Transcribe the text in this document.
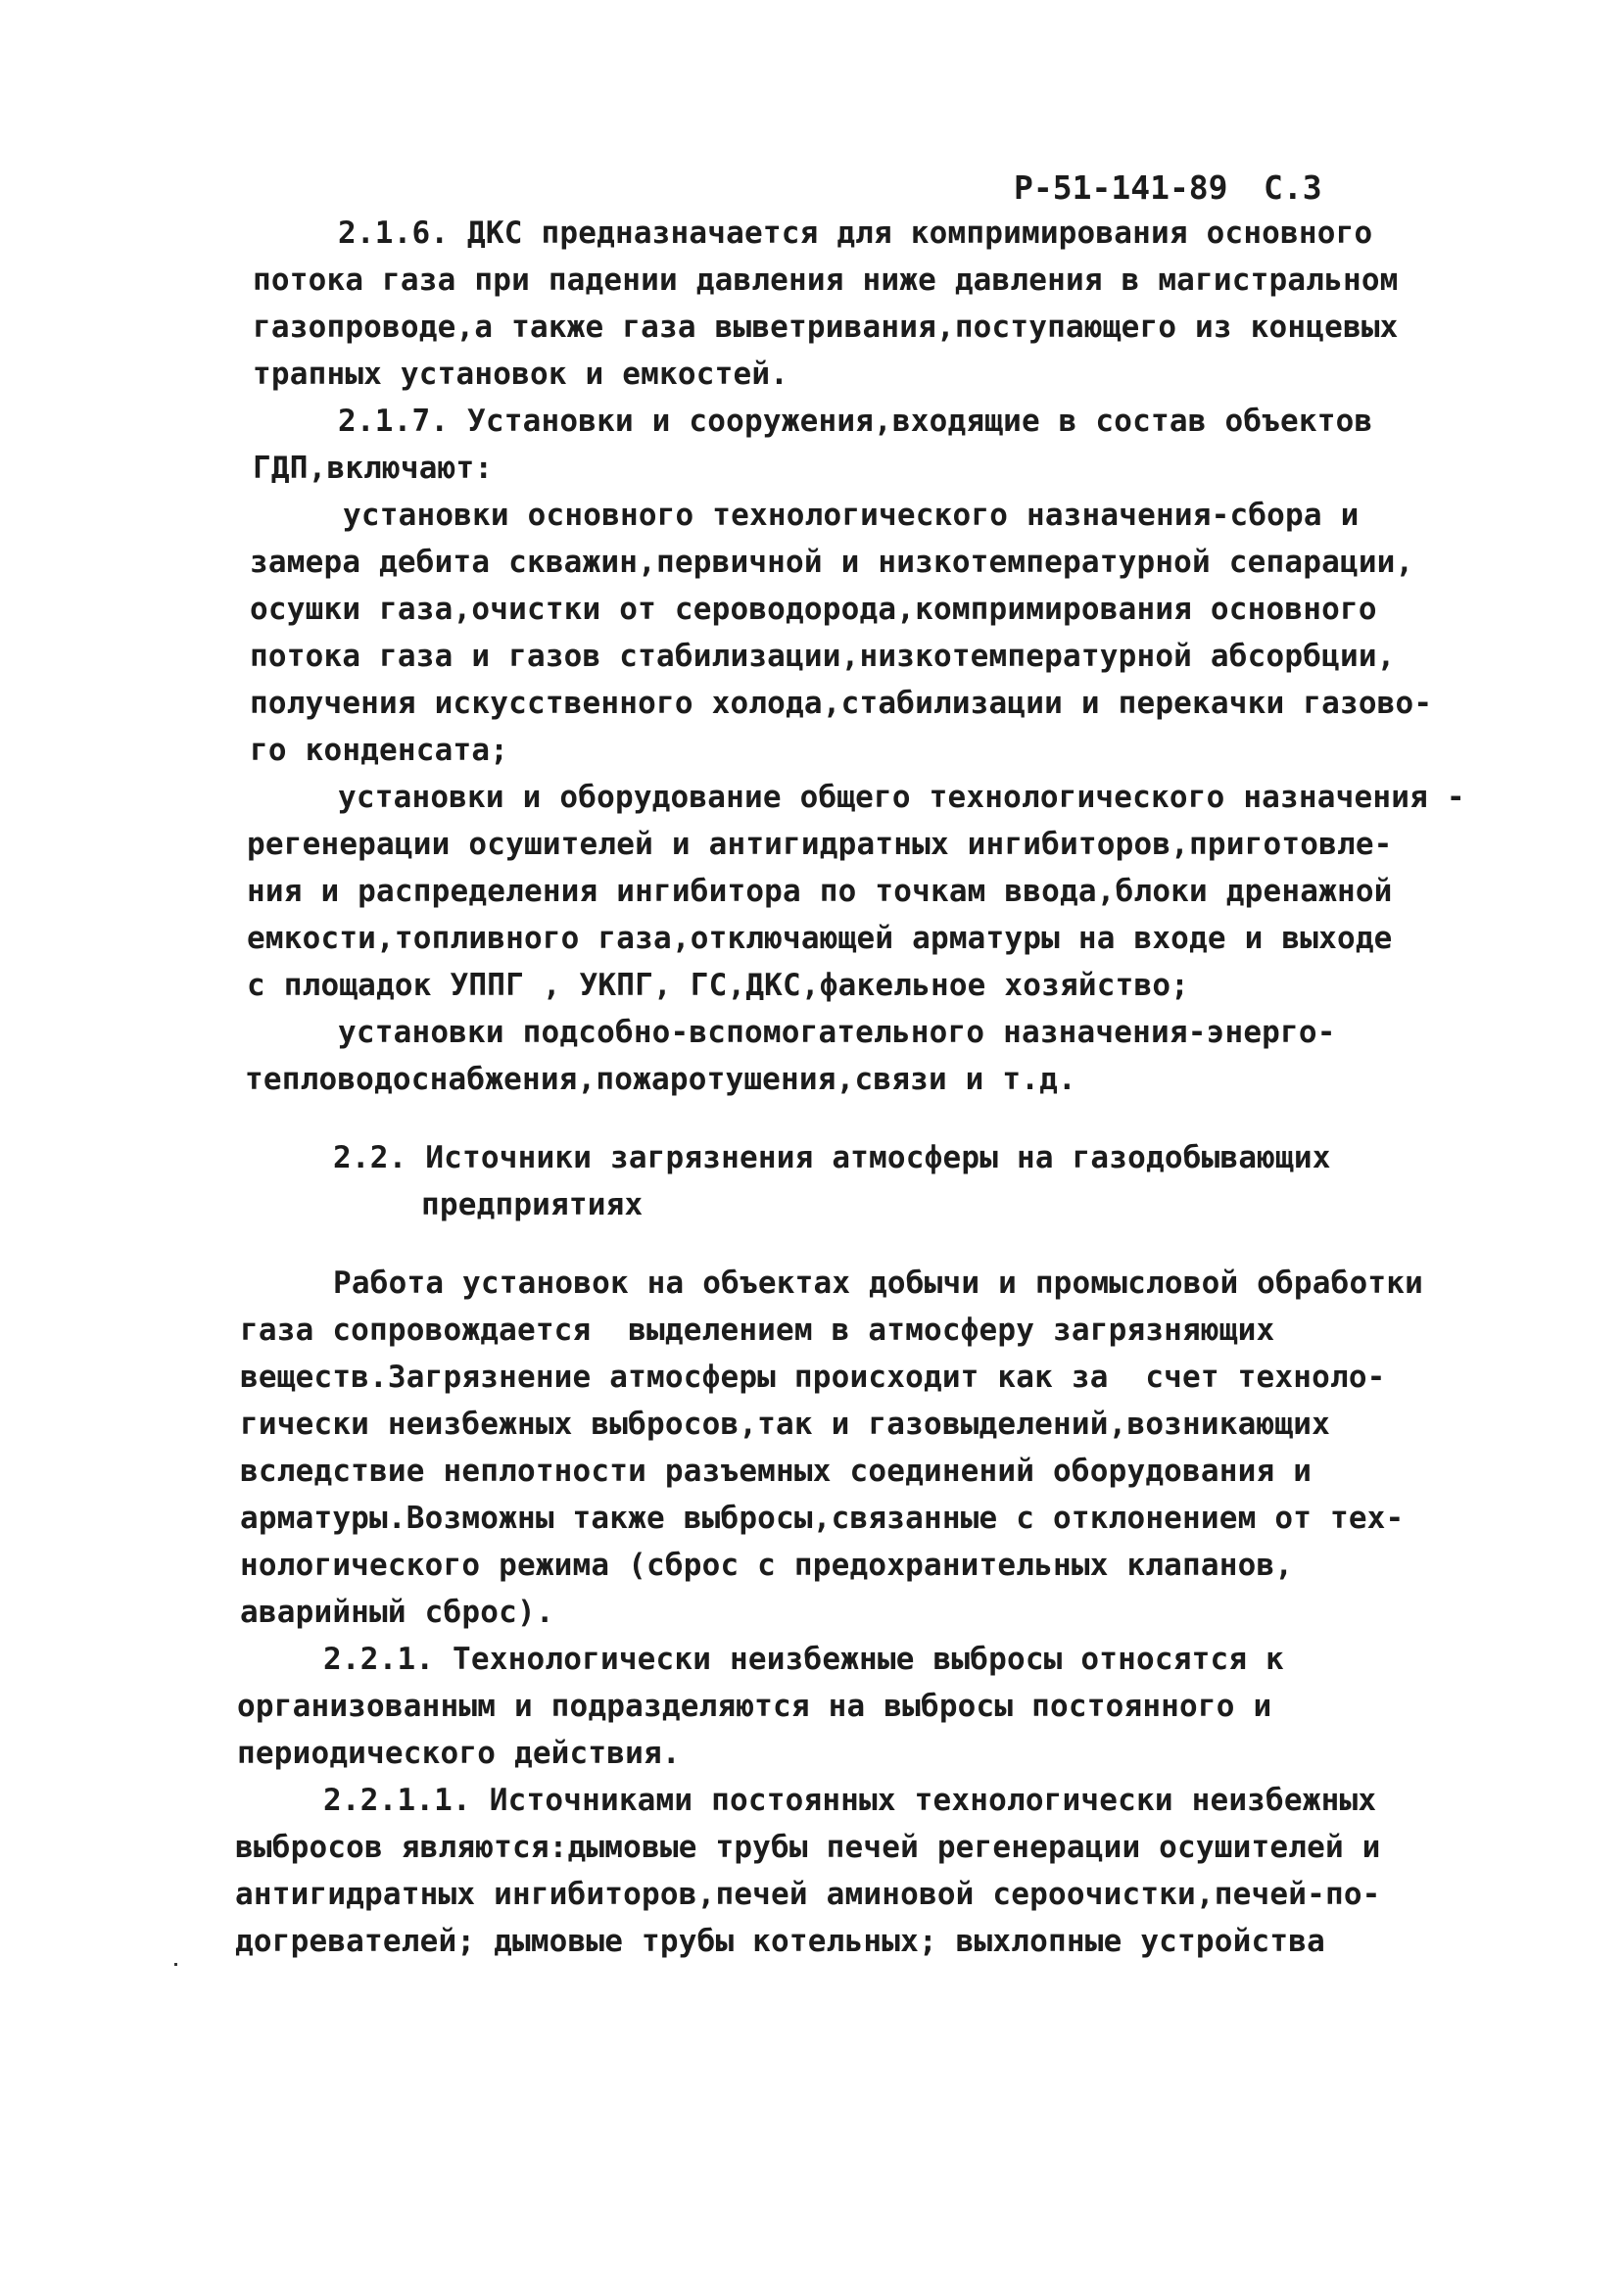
Р-51-141-89 С.3
2.1.6. ДКС предназначается для компримирования основного
потока газа при падении давления ниже давления в магистральном
газопроводе,а также газа выветривания,поступающего из концевых
трапных установок и емкостей.
2.1.7. Установки и сооружения,входящие в состав объектов
ГДП,включают:
установки основного технологического назначения-сбора и
замера дебита скважин,первичной и низкотемпературной сепарации,
осушки газа,очистки от сероводорода,компримирования основного
потока газа и газов стабилизации,низкотемпературной абсорбции,
получения искусственного холода,стабилизации и перекачки газово-
го конденсата;
установки и оборудование общего технологического назначения -
регенерации осушителей и антигидратных ингибиторов,приготовле-
ния и распределения ингибитора по точкам ввода,блоки дренажной
емкости,топливного газа,отключающей арматуры на входе и выходе
с площадок УППГ , УКПГ, ГС,ДКС,факельное хозяйство;
установки подсобно-вспомогательного назначения-энерго-
тепловодоснабжения,пожаротушения,связи и т.д.
2.2. Источники загрязнения атмосферы на газодобывающих
предприятиях
Работа установок на объектах добычи и промысловой обработки
газа сопровождается  выделением в атмосферу загрязняющих
веществ.Загрязнение атмосферы происходит как за  счет техноло-
гически неизбежных выбросов,так и газовыделений,возникающих
вследствие неплотности разъемных соединений оборудования и
арматуры.Возможны также выбросы,связанные с отклонением от тех-
нологического режима (сброс с предохранительных клапанов,
аварийный сброс).
2.2.1. Технологически неизбежные выбросы относятся к
организованным и подразделяются на выбросы постоянного и
периодического действия.
2.2.1.1. Источниками постоянных технологически неизбежных
выбросов являются:дымовые трубы печей регенерации осушителей и
антигидратных ингибиторов,печей аминовой сероочистки,печей-по-
догревателей; дымовые трубы котельных; выхлопные устройства
